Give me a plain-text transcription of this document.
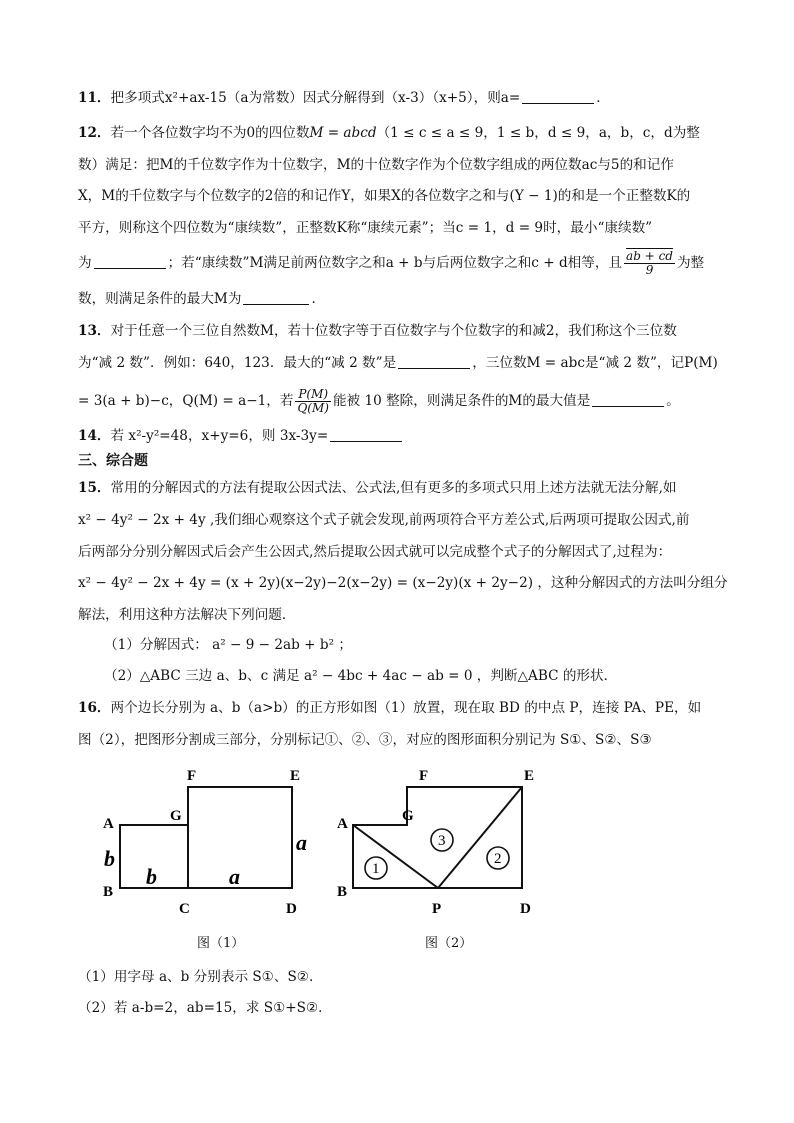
11．把多项式x²+ax-15（a为常数）因式分解得到（x-3）（x+5），则a=	．
12．若一个各位数字均不为0的四位数M = abcd（1 ≤ c ≤ a ≤ 9，1 ≤ b，d ≤ 9，a，b，c，d为整
数）满足：把M的千位数字作为十位数字，M的十位数字作为个位数字组成的两位数ac与5的和记作
X，M的千位数字与个位数字的2倍的和记作Y，如果X的各位数字之和与(Y − 1)的和是一个正整数K的
平方，则称这个四位数为“康续数”，正整数K称“康续元素”；当c = 1，d = 9时，最小“康续数”
为	；若“康续数”M满足前两位数字之和a + b与后两位数字之和c + d相等，且 $\frac{ab + cd}{9}$ 为整
数，则满足条件的最大M为	.
13．对于任意一个三位自然数M，若十位数字等于百位数字与个位数字的和减2，我们称这个三位数
为“减 2 数”．例如：640，123．最大的“减 2 数”是	，三位数M = abc是“减 2 数”，记P(M)
= 3(a + b)−c，Q(M) = a−1，若 $\frac{P(M)}{Q(M)}$ 能被 10 整除，则满足条件的M的最大值是	。
14．若 x²-y²=48，x+y=6，则 3x-3y=
三、综合题
15．常用的分解因式的方法有提取公因式法、公式法,但有更多的多项式只用上述方法就无法分解,如
x² − 4y² − 2x + 4y ,我们细心观察这个式子就会发现,前两项符合平方差公式,后两项可提取公因式,前
后两部分分别分解因式后会产生公因式,然后提取公因式就可以完成整个式子的分解因式了,过程为：
x² − 4y² − 2x + 4y = (x + 2y)(x−2y)−2(x−2y) = (x−2y)(x + 2y−2) ，这种分解因式的方法叫分组分
解法，利用这种方法解决下列问题．
（1）分解因式： a² − 9 − 2ab + b² ；
（2）△ABC 三边 a、b、c 满足 a² − 4bc + 4ac − ab = 0 ，判断△ABC 的形状．
16．两个边长分别为 a、b（a>b）的正方形如图（1）放置，现在取 BD 的中点 P，连接 PA、PE，如
图（2），把图形分割成三部分，分别标记①、②、③，对应的图形面积分别记为 S①、S②、S③
F	E
A	G
B
C	D
a
b
b	a
图（1）
1
3
2
F	E
A	G
B
P	D
图（2）
（1）用字母 a、b 分别表示 S①、S②.
（2）若 a-b=2，ab=15，求 S①+S②.
